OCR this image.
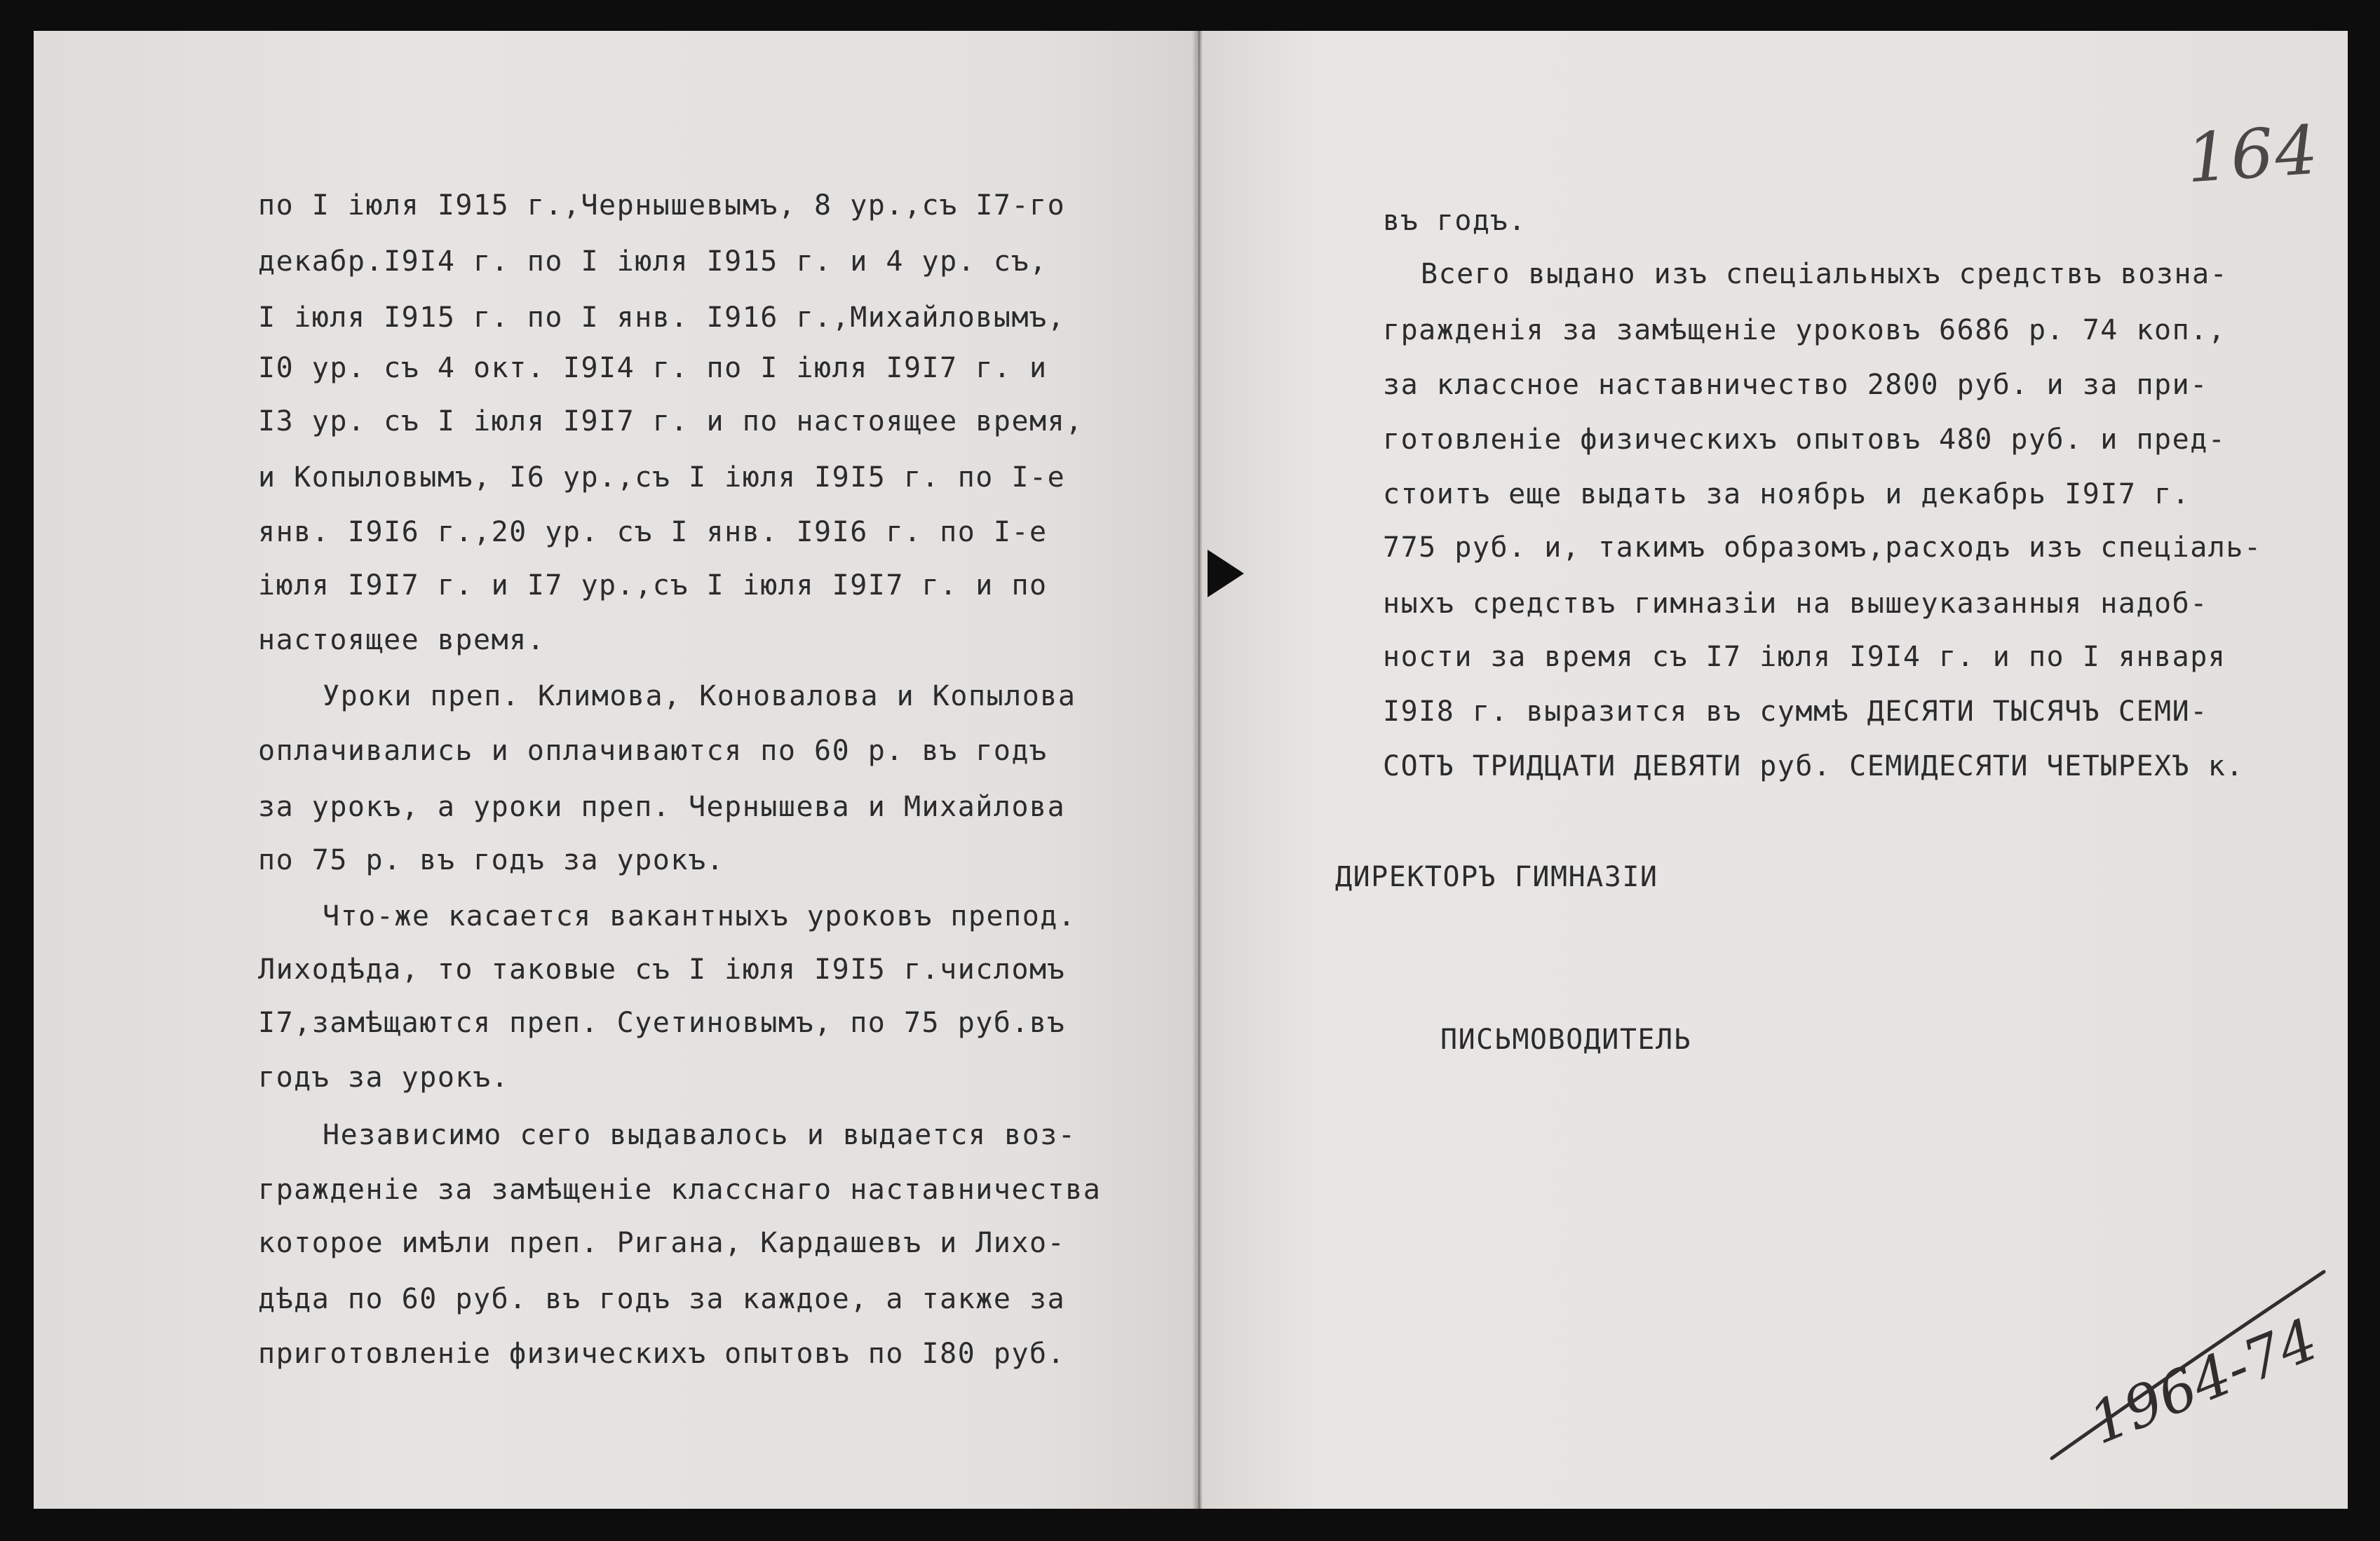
по I іюля I915 г.,Чернышевымъ, 8 ур.,съ I7-го
декабр.I9I4 г. по I іюля I915 г. и 4 ур. съ,
I іюля I915 г. по I янв. I916 г.,Михайловымъ,
I0 ур. съ 4 окт. I9I4 г. по I іюля I9I7 г. и
I3 ур. съ I іюля I9I7 г. и по настоящее время,
и Копыловымъ, I6 ур.,съ I іюля I9I5 г. по I-е
янв. I9I6 г.,20 ур. съ I янв. I9I6 г. по I-е
іюля I9I7 г. и I7 ур.,съ I іюля I9I7 г. и по
настоящее время.
Уроки преп. Климова, Коновалова и Копылова
оплачивались и оплачиваются по 60 р. въ годъ
за урокъ, а уроки преп. Чернышева и Михайлова
по 75 р. въ годъ за урокъ.
Что-же касается вакантныхъ уроковъ препод.
Лиходѣда, то таковые съ I іюля I9I5 г.числомъ
I7,замѣщаются преп. Суетиновымъ, по 75 руб.въ
годъ за урокъ.
Независимо сего выдавалось и выдается воз-
гражденіе за замѣщеніе класснаго наставничества
которое имѣли преп. Ригана, Кардашевъ и Лихо-
дѣда по 60 руб. въ годъ за каждое, а также за
приготовленіе физическихъ опытовъ по I80 руб.
164
въ годъ.
Всего выдано изъ спеціальныхъ средствъ возна-
гражденія за замѣщеніе уроковъ 6686 р. 74 коп.,
за классное наставничество 2800 руб. и за при-
готовленіе физическихъ опытовъ 480 руб. и пред-
стоитъ еще выдать за ноябрь и декабрь I9I7 г.
775 руб. и, такимъ образомъ,расходъ изъ спеціаль-
ныхъ средствъ гимназіи на вышеуказанныя надоб-
ности за время съ I7 іюля I9I4 г. и по I января
I9I8 г. выразится въ суммѣ ДЕСЯТИ ТЫСЯЧЪ СЕМИ-
СОТЪ ТРИДЦАТИ ДЕВЯТИ руб. СЕМИДЕСЯТИ ЧЕТЫРЕХЪ к.
ДИРЕКТОРЪ ГИМНАЗІИ
ПИСЬМОВОДИТЕЛЬ
1964-74
